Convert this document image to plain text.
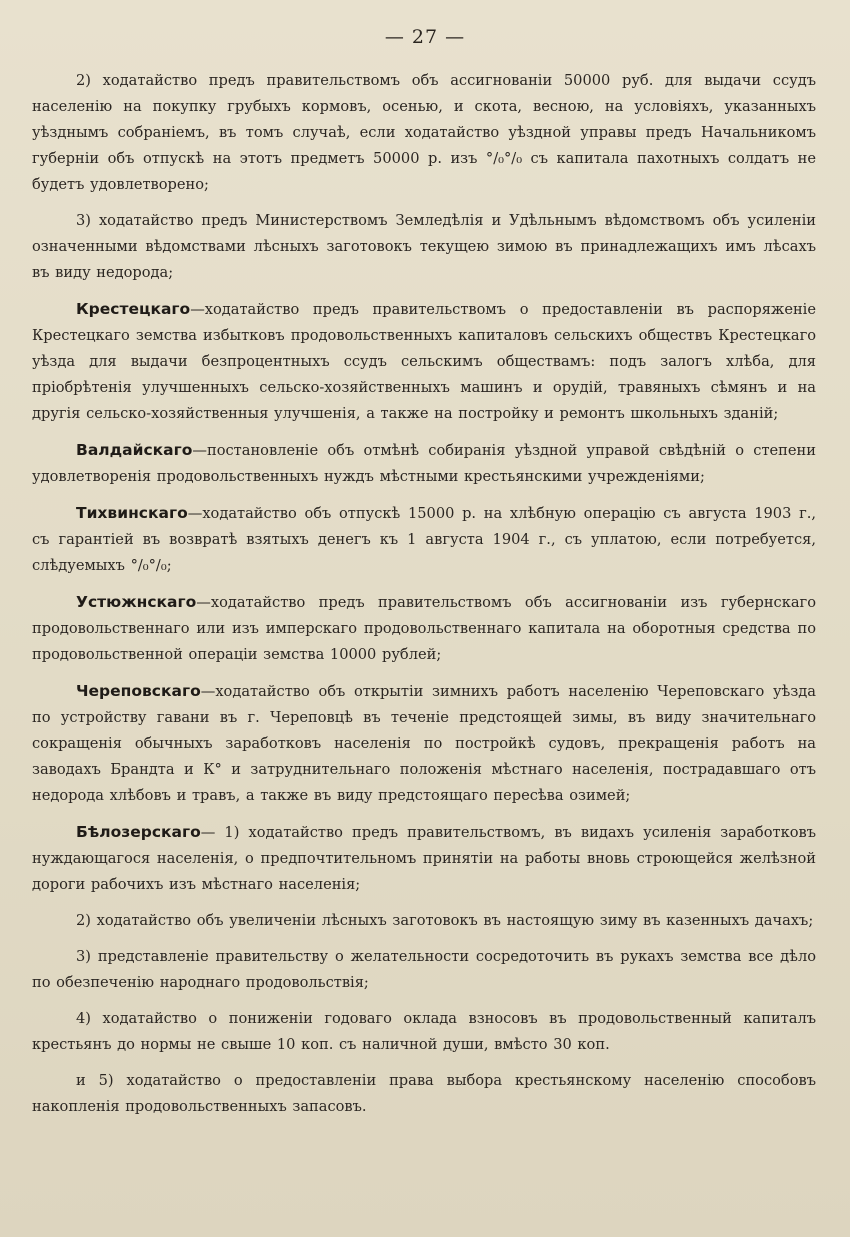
— 27 —

2) ходатайство предъ правительствомъ объ ассигнованіи 50000 руб. для выдачи ссудъ населенію на покупку грубыхъ кормовъ, осенью, и скота, весною, на условіяхъ, указанныхъ уѣзднымъ собраніемъ, въ томъ случаѣ, если ходатайство уѣздной управы предъ Начальникомъ губерніи объ отпускѣ на этотъ предметъ 50000 р. изъ °/₀°/₀ съ капитала пахотныхъ солдатъ не будетъ удовлетворено;

3) ходатайство предъ Министерствомъ Земледѣлія и Удѣльнымъ вѣдомствомъ объ усиленіи означенными вѣдомствами лѣсныхъ заготовокъ текущею зимою въ принадлежащихъ имъ лѣсахъ въ виду недорода;

Крестецкаго—ходатайство предъ правительствомъ о предоставленіи въ распоряженіе Крестецкаго земства избытковъ продовольственныхъ капиталовъ сельскихъ обществъ Крестецкаго уѣзда для выдачи безпроцентныхъ ссудъ сельскимъ обществамъ: подъ залогъ хлѣба, для пріобрѣтенія улучшенныхъ сельско-хозяйственныхъ машинъ и орудій, травяныхъ сѣмянъ и на другія сельско-хозяйственныя улучшенія, а также на постройку и ремонтъ школьныхъ зданій;

Валдайскаго—постановленіе объ отмѣнѣ собиранія уѣздной управой свѣдѣній о степени удовлетворенія продовольственныхъ нуждъ мѣстными крестьянскими учрежденіями;

Тихвинскаго—ходатайство объ отпускѣ 15000 р. на хлѣбную операцію съ августа 1903 г., съ гарантіей въ возвратѣ взятыхъ денегъ къ 1 августа 1904 г., съ уплатою, если потребуется, слѣдуемыхъ °/₀°/₀;

Устюжнскаго—ходатайство предъ правительствомъ объ ассигнованіи изъ губернскаго продовольственнаго или изъ имперскаго продовольственнаго капитала на оборотныя средства по продовольственной операціи земства 10000 рублей;

Череповскаго—ходатайство объ открытіи зимнихъ работъ населенію Череповскаго уѣзда по устройству гавани въ г. Череповцѣ въ теченіе предстоящей зимы, въ виду значительнаго сокращенія обычныхъ заработковъ населенія по постройкѣ судовъ, прекращенія работъ на заводахъ Брандта и К° и затруднительнаго положенія мѣстнаго населенія, пострадавшаго отъ недорода хлѣбовъ и травъ, а также въ виду предстоящаго пересѣва озимей;

Бѣлозерскаго— 1) ходатайство предъ правительствомъ, въ видахъ усиленія заработковъ нуждающагося населенія, о предпочтительномъ принятіи на работы вновь строющейся желѣзной дороги рабочихъ изъ мѣстнаго населенія;

2) ходатайство объ увеличеніи лѣсныхъ заготовокъ въ настоящую зиму въ казенныхъ дачахъ;

3) представленіе правительству о желательности сосредоточить въ рукахъ земства все дѣло по обезпеченію народнаго продовольствія;

4) ходатайство о пониженіи годоваго оклада взносовъ въ продовольственный капиталъ крестьянъ до нормы не свыше 10 коп. съ наличной души, вмѣсто 30 коп.

и 5) ходатайство о предоставленіи права выбора крестьянскому населенію способовъ накопленія продовольственныхъ запасовъ.
